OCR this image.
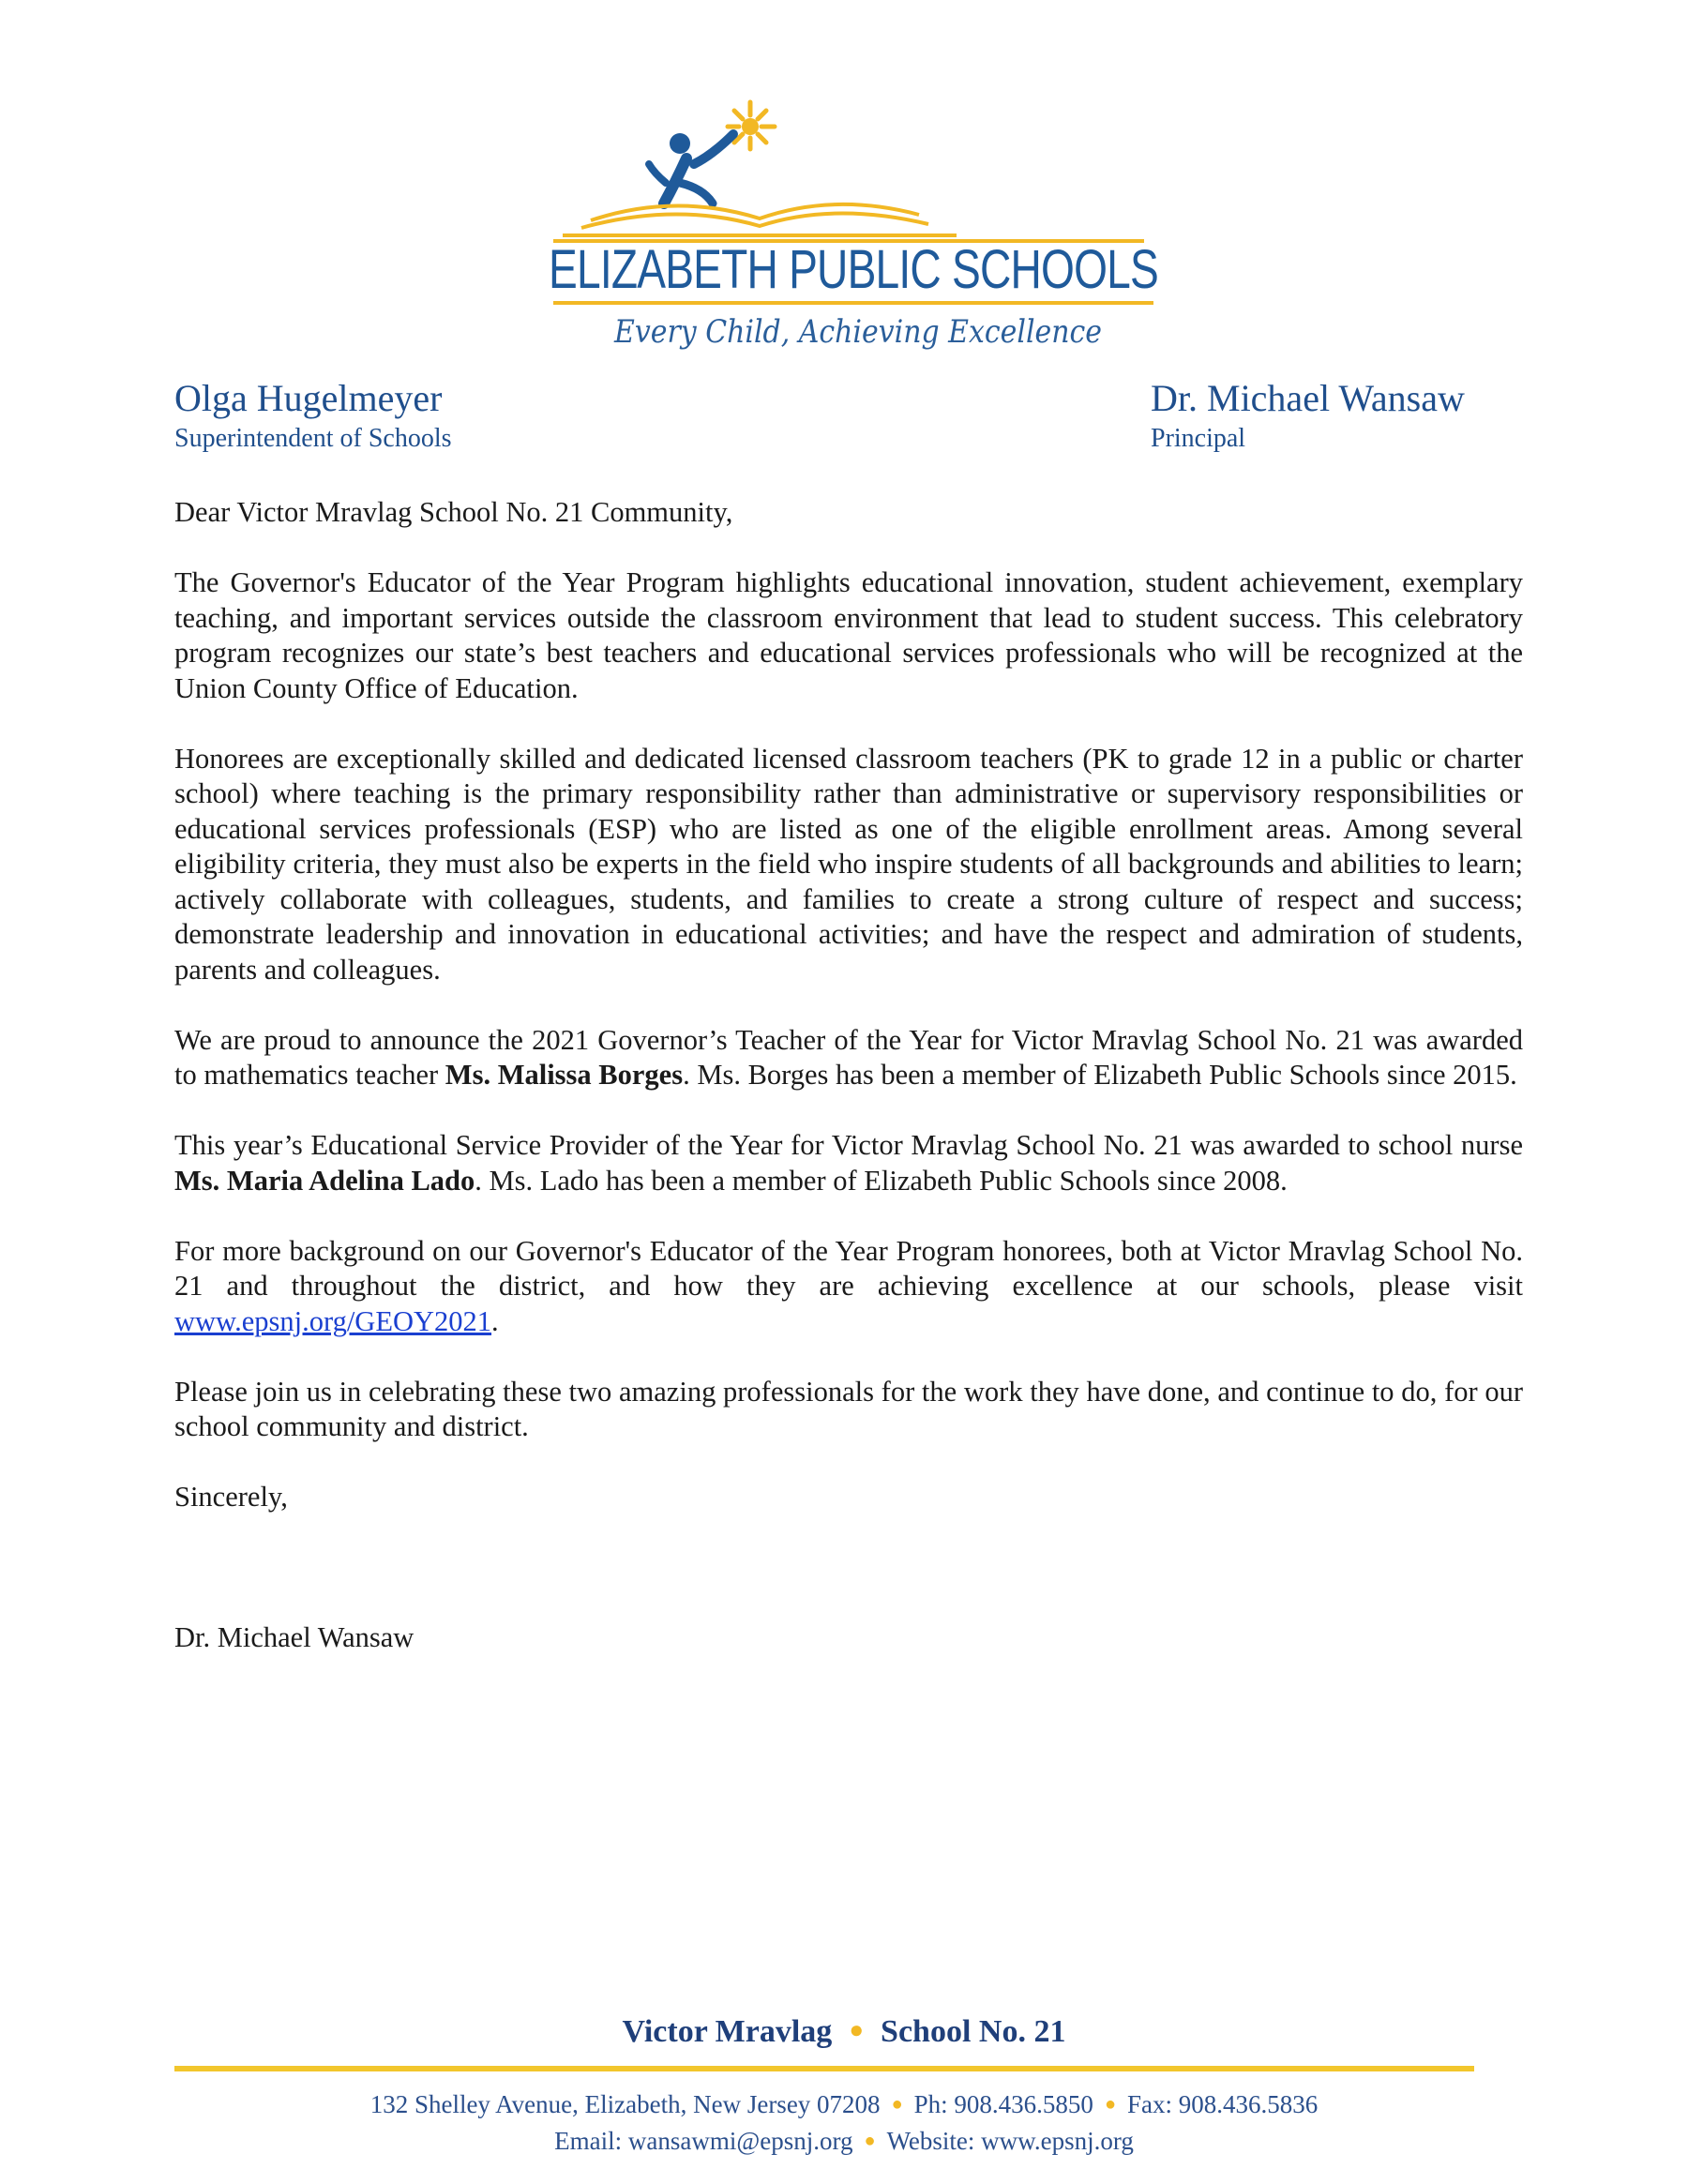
ELIZABETH PUBLIC SCHOOLS
Every Child, Achieving Excellence
Olga Hugelmeyer
Superintendent of Schools
Dr. Michael Wansaw
Principal

Dear Victor Mravlag School No. 21 Community,

The Governor's Educator of the Year Program highlights educational innovation, student achievement, exemplary teaching, and important services outside the classroom environment that lead to student success. This celebratory program recognizes our state’s best teachers and educational services professionals who will be recognized at the Union County Office of Education.

Honorees are exceptionally skilled and dedicated licensed classroom teachers (PK to grade 12 in a public or charter school) where teaching is the primary responsibility rather than administrative or supervisory responsibilities or educational services professionals (ESP) who are listed as one of the eligible enrollment areas. Among several eligibility criteria, they must also be experts in the field who inspire students of all backgrounds and abilities to learn; actively collaborate with colleagues, students, and families to create a strong culture of respect and success; demonstrate leadership and innovation in educational activities; and have the respect and admiration of students, parents and colleagues.

We are proud to announce the 2021 Governor’s Teacher of the Year for Victor Mravlag School No. 21 was awarded to mathematics teacher Ms. Malissa Borges. Ms. Borges has been a member of Elizabeth Public Schools since 2015.

This year’s Educational Service Provider of the Year for Victor Mravlag School No. 21 was awarded to school nurse Ms. Maria Adelina Lado. Ms. Lado has been a member of Elizabeth Public Schools since 2008.

For more background on our Governor's Educator of the Year Program honorees, both at Victor Mravlag School No. 21 and throughout the district, and how they are achieving excellence at our schools, please visit www.epsnj.org/GEOY2021.

Please join us in celebrating these two amazing professionals for the work they have done, and continue to do, for our school community and district.

Sincerely,

Dr. Michael Wansaw

Victor Mravlag ● School No. 21
132 Shelley Avenue, Elizabeth, New Jersey 07208 ● Ph: 908.436.5850 ● Fax: 908.436.5836
Email: wansawmi@epsnj.org ● Website: www.epsnj.org
